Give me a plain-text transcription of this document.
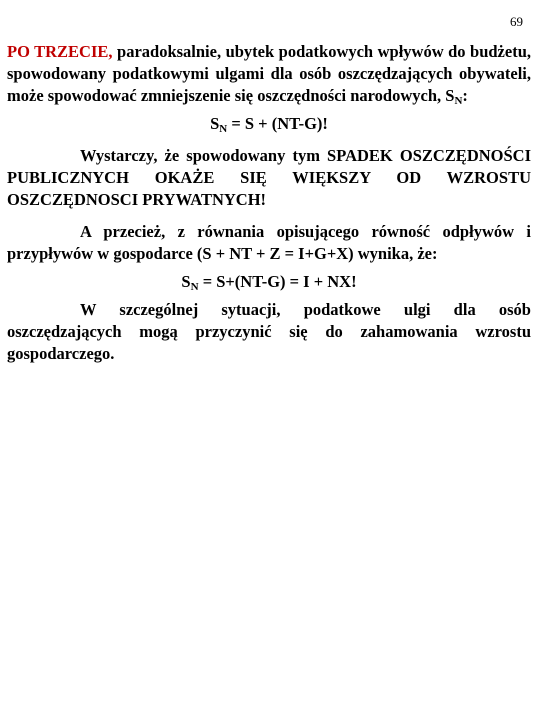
69

PO TRZECIE, paradoksalnie, ubytek podatkowych wpływów do budżetu, spowodowany podatkowymi ulgami dla osób oszczędzających obywateli, może spowodować zmniejszenie się oszczędności narodowych, $S_N$:

$S_N = S + (NT-G)$!

Wystarczy, że spowodowany tym SPADEK OSZCZĘDNOŚCI PUBLICZNYCH OKAŻE SIĘ WIĘKSZY OD WZROSTU OSZCZĘDNOSCI PRYWATNYCH!

A przecież, z równania opisującego równość odpływów i przypływów w gospodarce (S + NT + Z = I+G+X) wynika, że:

$S_N = S+(NT-G) = I$ + NX!

W szczególnej sytuacji, podatkowe ulgi dla osób oszczędzających mogą przyczynić się do zahamowania wzrostu gospodarczego.
